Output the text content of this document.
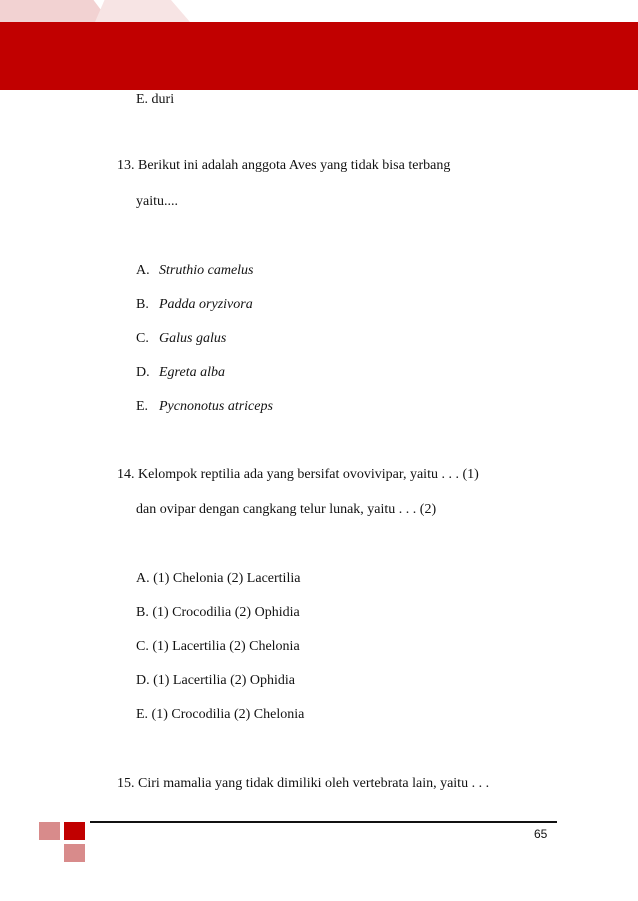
E. duri
13. Berikut ini adalah anggota Aves yang tidak bisa terbang
yaitu....
A. Struthio camelus
B. Padda oryzivora
C. Galus galus
D. Egreta alba
E. Pycnonotus atriceps
14. Kelompok reptilia ada yang bersifat ovovivipar, yaitu . . . (1)
dan ovipar dengan cangkang telur lunak, yaitu . . . (2)
A. (1) Chelonia (2) Lacertilia
B. (1) Crocodilia (2) Ophidia
C. (1) Lacertilia (2) Chelonia
D. (1) Lacertilia (2) Ophidia
E. (1) Crocodilia (2) Chelonia
15. Ciri mamalia yang tidak dimiliki oleh vertebrata lain, yaitu . . .
65
